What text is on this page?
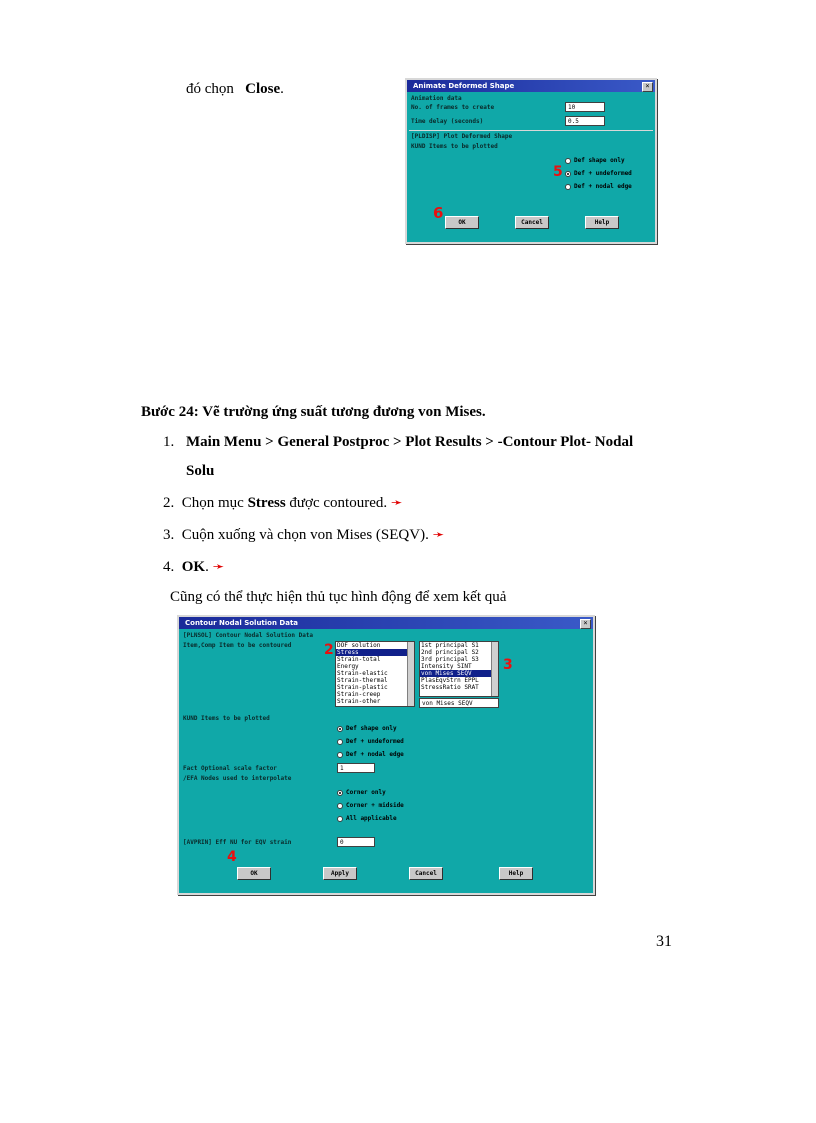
đó chọn Close.	Animate Deformed Shape	×
Animation data
No. of frames to create	10
Time delay (seconds)	0.5
[PLDISP] Plot Deformed Shape
KUND Items to be plotted
Def shape only
Def + undeformed
Def + nodal edge
5
6
OK	Cancel	Help
Bước 24: Vẽ trường ứng suất tương đương von Mises.
1. Main Menu > General Postproc > Plot Results > -Contour Plot- Nodal
Solu
2. Chọn mục Stress được contoured. ➛
3. Cuộn xuống và chọn von Mises (SEQV). ➛
4. OK. ➛
Cũng có thể thực hiện thủ tục hình động để xem kết quả
Contour Nodal Solution Data	×
[PLNSOL] Contour Nodal Solution Data
Item,Comp Item to be contoured 2 DOF solution
Stress
Strain-total
Energy
Strain-elastic
Strain-thermal
Strain-plastic
Strain-creep
Strain-other
1st principal S1
2nd principal S2
3rd principal S3
Intensity SINT
von Mises SEQV
PlasEqvStrn EPPL
StressRatio SRAT
3
von Mises SEQV
KUND Items to be plotted
Def shape only
Def + undeformed
Def + nodal edge
Fact Optional scale factor	1
/EFA Nodes used to interpolate
Corner only
Corner + midside
All applicable
[AVPRIN] Eff NU for EQV strain	0
4
OK	Apply	Cancel	Help
31
